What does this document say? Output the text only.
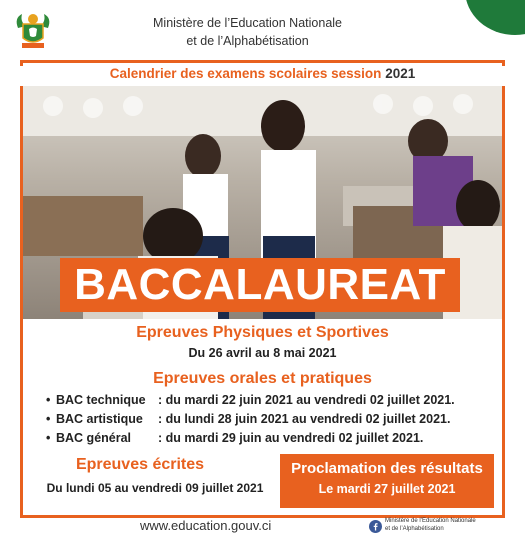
Ministère de l’Education Nationale
et de l’Alphabétisation
Calendrier des examens scolaires session 2021
BACCALAUREAT
Epreuves Physiques et Sportives
Du 26 avril au 8 mai 2021
Epreuves orales et pratiques
• BAC technique : du mardi 22 juin 2021 au vendredi 02 juillet 2021.
• BAC artistique	: du lundi 28 juin 2021 au vendredi 02 juillet 2021.
• BAC général	: du mardi 29 juin au vendredi 02 juillet 2021.
Epreuves écrites
Du lundi 05 au vendredi 09 juillet 2021
Proclamation des résultats
Le mardi 27 juillet 2021
www.education.gouv.ci	Ministère de l’Education Nationale
et de l’Alphabétisation
